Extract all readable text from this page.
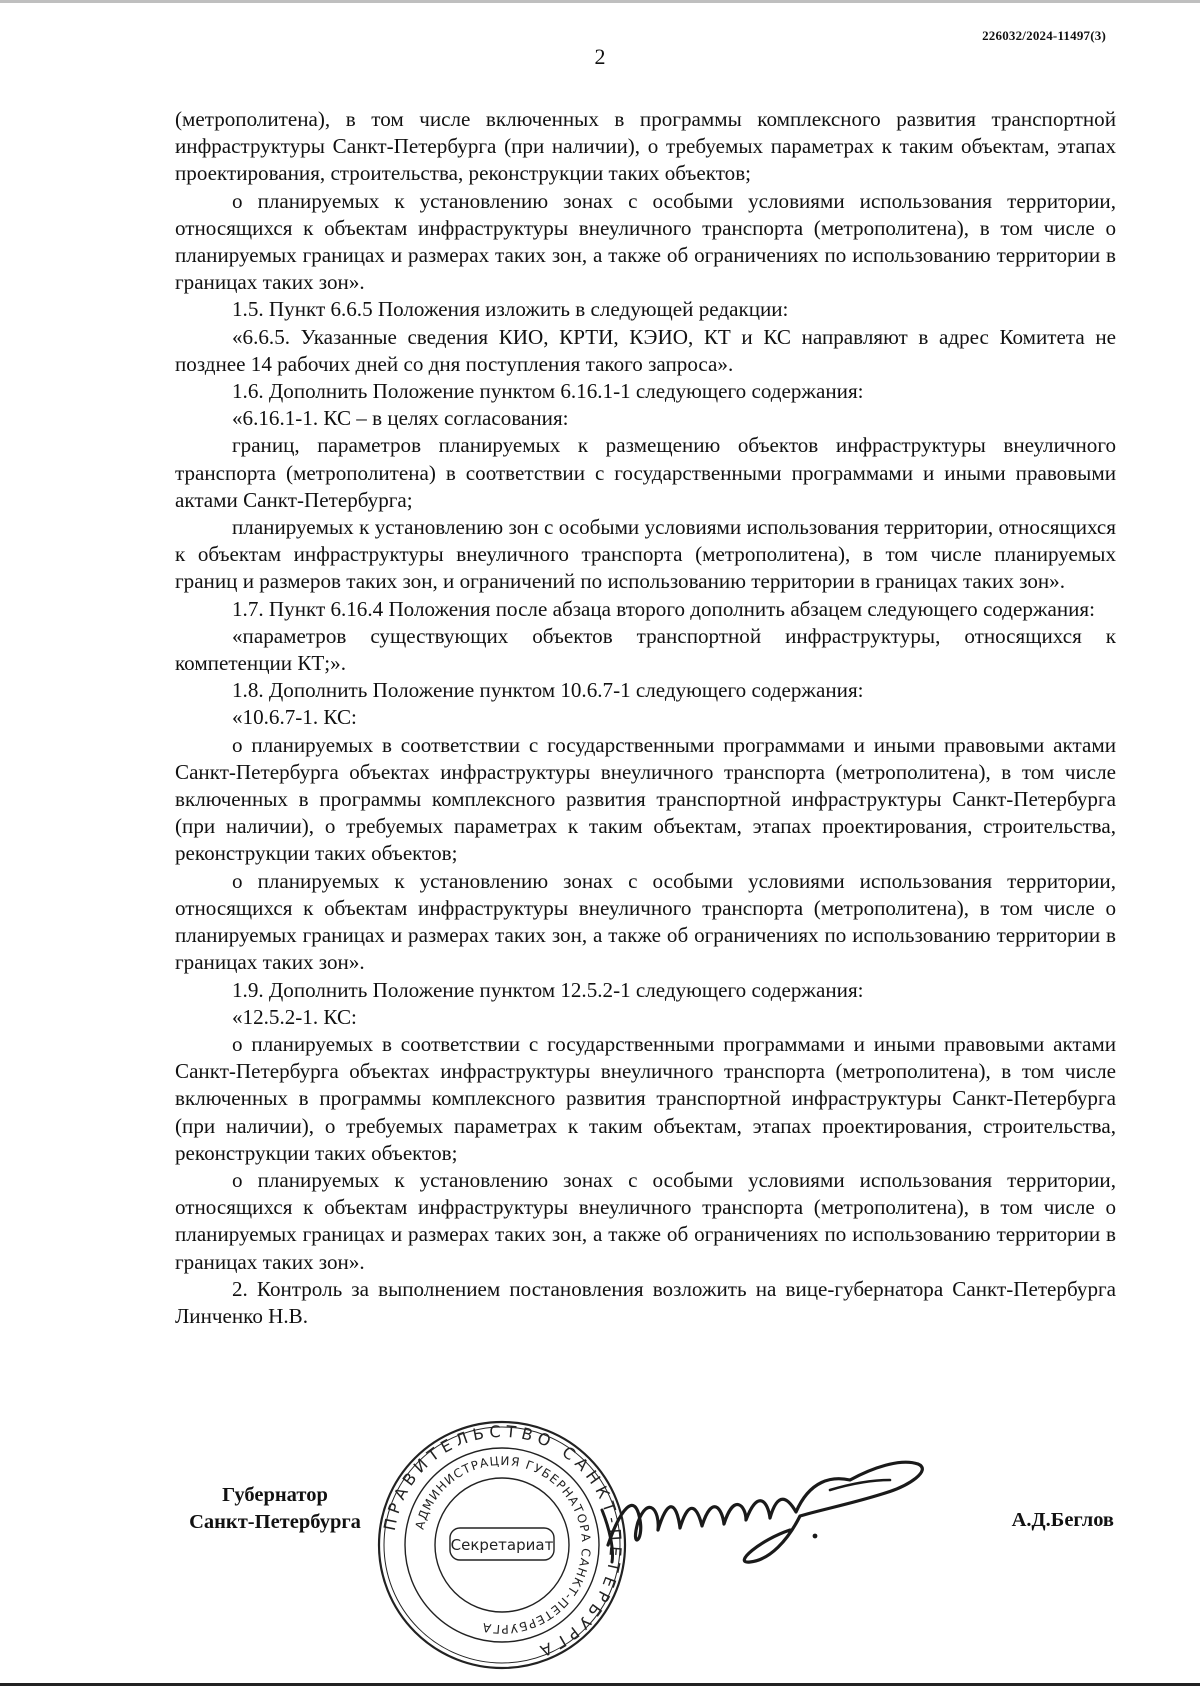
226032/2024-11497(3)
2

(метрополитена), в том числе включенных в программы комплексного развития транспортной инфраструктуры Санкт-Петербурга (при наличии), о требуемых параметрах к таким объектам, этапах проектирования, строительства, реконструкции таких объектов;

о планируемых к установлению зонах с особыми условиями использования территории, относящихся к объектам инфраструктуры внеуличного транспорта (метрополитена), в том числе о планируемых границах и размерах таких зон, а также об ограничениях по использованию территории в границах таких зон».

1.5. Пункт 6.6.5 Положения изложить в следующей редакции:

«6.6.5. Указанные сведения КИО, КРТИ, КЭИО, КТ и КС направляют в адрес Комитета не позднее 14 рабочих дней со дня поступления такого запроса».

1.6. Дополнить Положение пунктом 6.16.1-1 следующего содержания:

«6.16.1-1. КС – в целях согласования:

границ, параметров планируемых к размещению объектов инфраструктуры внеуличного транспорта (метрополитена) в соответствии с государственными программами и иными правовыми актами Санкт-Петербурга;

планируемых к установлению зон с особыми условиями использования территории, относящихся к объектам инфраструктуры внеуличного транспорта (метрополитена), в том числе планируемых границ и размеров таких зон, и ограничений по использованию территории в границах таких зон».

1.7. Пункт 6.16.4 Положения после абзаца второго дополнить абзацем следующего содержания:

«параметров существующих объектов транспортной инфраструктуры, относящихся к компетенции КТ;».

1.8. Дополнить Положение пунктом 10.6.7-1 следующего содержания:

«10.6.7-1. КС:

о планируемых в соответствии с государственными программами и иными правовыми актами Санкт-Петербурга объектах инфраструктуры внеуличного транспорта (метрополитена), в том числе включенных в программы комплексного развития транспортной инфраструктуры Санкт-Петербурга (при наличии), о требуемых параметрах к таким объектам, этапах проектирования, строительства, реконструкции таких объектов;

о планируемых к установлению зонах с особыми условиями использования территории, относящихся к объектам инфраструктуры внеуличного транспорта (метрополитена), в том числе о планируемых границах и размерах таких зон, а также об ограничениях по использованию территории в границах таких зон».

1.9. Дополнить Положение пунктом 12.5.2-1 следующего содержания:

«12.5.2-1. КС:

о планируемых в соответствии с государственными программами и иными правовыми актами Санкт-Петербурга объектах инфраструктуры внеуличного транспорта (метрополитена), в том числе включенных в программы комплексного развития транспортной инфраструктуры Санкт-Петербурга (при наличии), о требуемых параметрах к таким объектам, этапах проектирования, строительства, реконструкции таких объектов;

о планируемых к установлению зонах с особыми условиями использования территории, относящихся к объектам инфраструктуры внеуличного транспорта (метрополитена), в том числе о планируемых границах и размерах таких зон, а также об ограничениях по использованию территории в границах таких зон».

2. Контроль за выполнением постановления возложить на вице-губернатора Санкт-Петербурга Линченко Н.В.

Губернатор
Санкт-Петербурга	ПРАВИТЕЛЬСТВО САНКТ-ПЕТЕРБУРГА
АДМИНИСТРАЦИЯ ГУБЕРНАТОРА САНКТ-ПЕТЕРБУРГА
Секретариат
А.Д.Беглов
